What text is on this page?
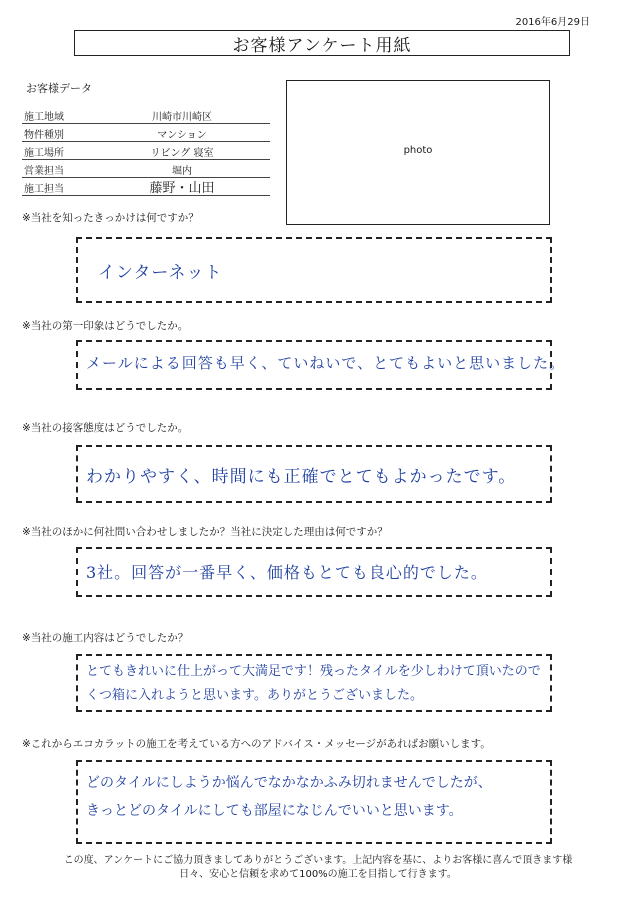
2016年6月29日
お客様アンケート用紙
お客様データ
施工地域	川崎市川崎区
物件種別	マンション
施工場所	リビング 寝室
営業担当	堀内
施工担当	藤野・山田
photo
※当社を知ったきっかけは何ですか？
インターネット
※当社の第一印象はどうでしたか。
メールによる回答も早く、ていねいで、とてもよいと思いました。
※当社の接客態度はどうでしたか。
わかりやすく、時間にも正確でとてもよかったです。
※当社のほかに何社問い合わせしましたか？当社に決定した理由は何ですか？
3社。回答が一番早く、価格もとても良心的でした。
※当社の施工内容はどうでしたか？
とてもきれいに仕上がって大満足です！残ったタイルを少しわけて頂いたので
くつ箱に入れようと思います。ありがとうございました。
※これからエコカラットの施工を考えている方へのアドバイス・メッセージがあればお願いします。
どのタイルにしようか悩んでなかなかふみ切れませんでしたが、
きっとどのタイルにしても部屋になじんでいいと思います。
この度、アンケートにご協力頂きましてありがとうございます。上記内容を基に、よりお客様に喜んで頂きます様
日々、安心と信頼を求めて100%の施工を目指して行きます。
